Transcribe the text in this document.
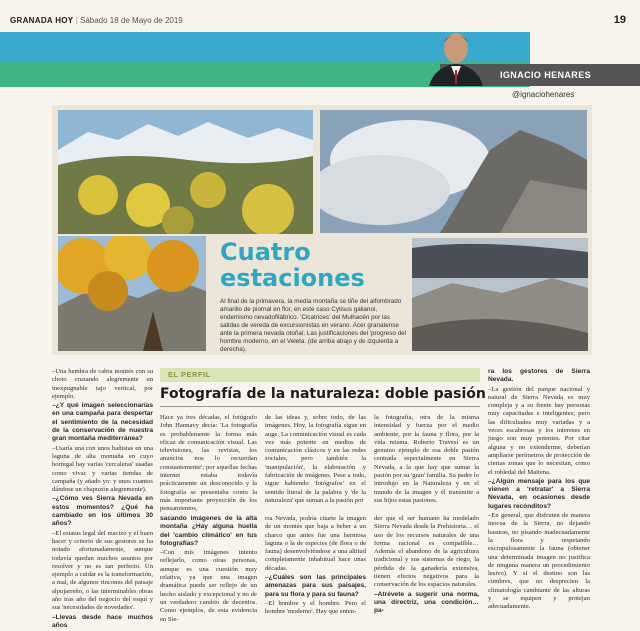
GRANADA HOY | Sábado 18 de Mayo de 2019	19
IGNACIO HENARES
@ignaciohenares
Cuatro
estaciones
Al final de la primavera, la media montaña se tiñe del alfombrado amarillo de piornal en flor, en este caso Cytisus galianoi, endemismo nevadofilábrico. 'Cicatrices' del Mulhacén por las salidas de vereda de excursionistas en verano. Acer granatense ante la primera nevada otoñal. Las justificaciones del 'progreso del hombre moderno, en el Veleta. (de arriba abajo y de izquierda a derecha).

–Una hembra de cabra montés con su choto cruzando alegremente un inexpugnable tajo vertical, por ejemplo.

–¿Y qué imagen seleccionarías en una campaña para despertar el sentimiento de la necesidad de la conservación de nuestra gran montaña mediterránea?

–Usaría una con unos bañistas en una laguna de alta montaña en cuyo borregal hay varias 'cercaleras' usadas como vivac y varias tiendas de campaña (y añado yo: y unos cuantos dándose un chapuzón alegremente).

–¿Cómo ves Sierra Nevada en estos momentos? ¿Qué ha cambiado en los últimos 30 años?

–El estatus legal del macizo y el buen hacer y criterio de sus gestores se ha notado afortunadamente, aunque todavía quedan muchos asuntos por resolver y no es tan perfecto. Un ejemplo a cuidar es la transformación, a mal, de algunos rincones del paisaje alpujarreño, o las interminables obras año tras año del negocio del esquí y sus 'necesidades de novedades'.

–Llevas desde hace muchos años

EL PERFIL
Fotografía de la naturaleza: doble pasión
Hace ya tres décadas, el fotógrafo John Hannavy decía: 'La fotografía es probablemente la forma más eficaz de comunicación visual. Las televisiones, las revistas, los anuncios nos lo recuerdan constantemente'; por aquellas fechas internet estaba todavía prácticamente un desconocido y la fotografía se presentaba como la más importante proyección de los pensamientos,
de las ideas y, sobre todo, de las imágenes. Hoy, la fotografía sigue en auge. La comunicación visual es cada vez más potente en medios de comunicación clásicos y en las redes sociales, pero también la 'manipulación', la elaboración y fabricación de imágenes. Pese a todo, sigue habiendo 'fotógrafos' en el sentido literal de la palabra y 'de la naturaleza' que suman a la pasión por
la fotografía, otra de la misma intensidad y fuerza por el medio ambiente, por la fauna y flora, por la vida misma. Roberto Travesí es un genuino ejemplo de esa doble pasión centrada especialmente en Sierra Nevada, a la que hay que sumar la pasión por su 'gran' familia. Su padre lo introdujo en la Naturaleza y en el mundo de la imagen y él transmite a sus hijos estas pasiones.

sacando imágenes de la alta montaña ¿Hay alguna huella del 'cambio climático' en tus fotografías?

–Con mis imágenes intento reflejarlo, como otras personas, aunque es una cuestión muy relativa, ya que una imagen dramática puede ser reflejo de un hecho aislado y excepcional y no de un verdadero cambio de decenios. Como ejemplos, de esta evidencia en Sie-

rra Nevada, podría citarte la imagen de un montés que baja a beber a un charco que antes fue una hermosa laguna o la de especies (de flora o de fauna) desenvolviéndose a una altitud completamente inhabitual hace unas décadas.

–¿Cuáles son las principales amenazas para sus paisajes, para su flora y para su fauna?

–El hombre y el hombre. Pero el hombre 'moderno'. Hay que enten-

der que el ser humano ha modelado Sierra Nevada desde la Prehistoria… el uso de los recursos naturales de una forma racional es compatible… Además el abandono de la agricultura tradicional y sus sistemas de riego, la pérdida de la ganadería extensiva, tienen efectos negativos para la conservación de los espacios naturales.

–Atrévete a sugerir una norma, una directriz, una condición… pa-

ra los gestores de Sierra Nevada.

–La gestión del parque nacional y natural de Sierra Nevada es muy compleja y a su frente hay personas muy capacitadas e inteligentes; pero las dificultades muy variadas y a veces escabrosas y los intereses en juego son muy potentes. Por citar alguna y no extenderme, deberían ampliarse perímetros de protección de ciertas zonas que lo necesitan, como el robledal del Maitena.

–¿Algún mensaje para los que vienen a 'retratar' a Sierra Nevada, en ocasiones desde lugares recónditos?

–En general, que disfruten de manera inocua de la Sierra, no dejando basuras, no pisando inadecuadamente la flora y respetando escrupulosamente la fauna (obtener una determinada imagen no justifica de ninguna manera un procedimiento lesivo). Y si el destino son las cumbres, que no desprecien la climatología cambiante de las alturas y se equipen y protejan adecuadamente.
